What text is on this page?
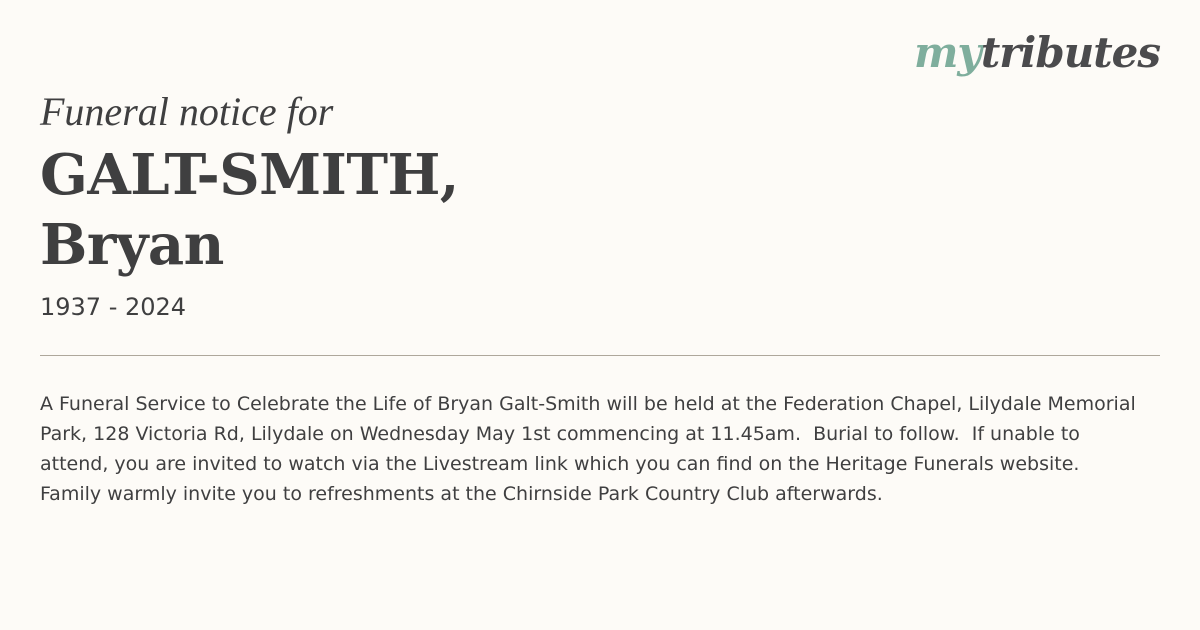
mytributes

Funeral notice for

GALT-SMITH,
Bryan

1937 - 2024

A Funeral Service to Celebrate the Life of Bryan Galt-Smith will be held at the Federation Chapel, Lilydale Memorial Park, 128 Victoria Rd, Lilydale on Wednesday May 1st commencing at 11.45am.  Burial to follow.  If unable to attend, you are invited to watch via the Livestream link which you can find on the Heritage Funerals website.  Family warmly invite you to refreshments at the Chirnside Park Country Club afterwards.
